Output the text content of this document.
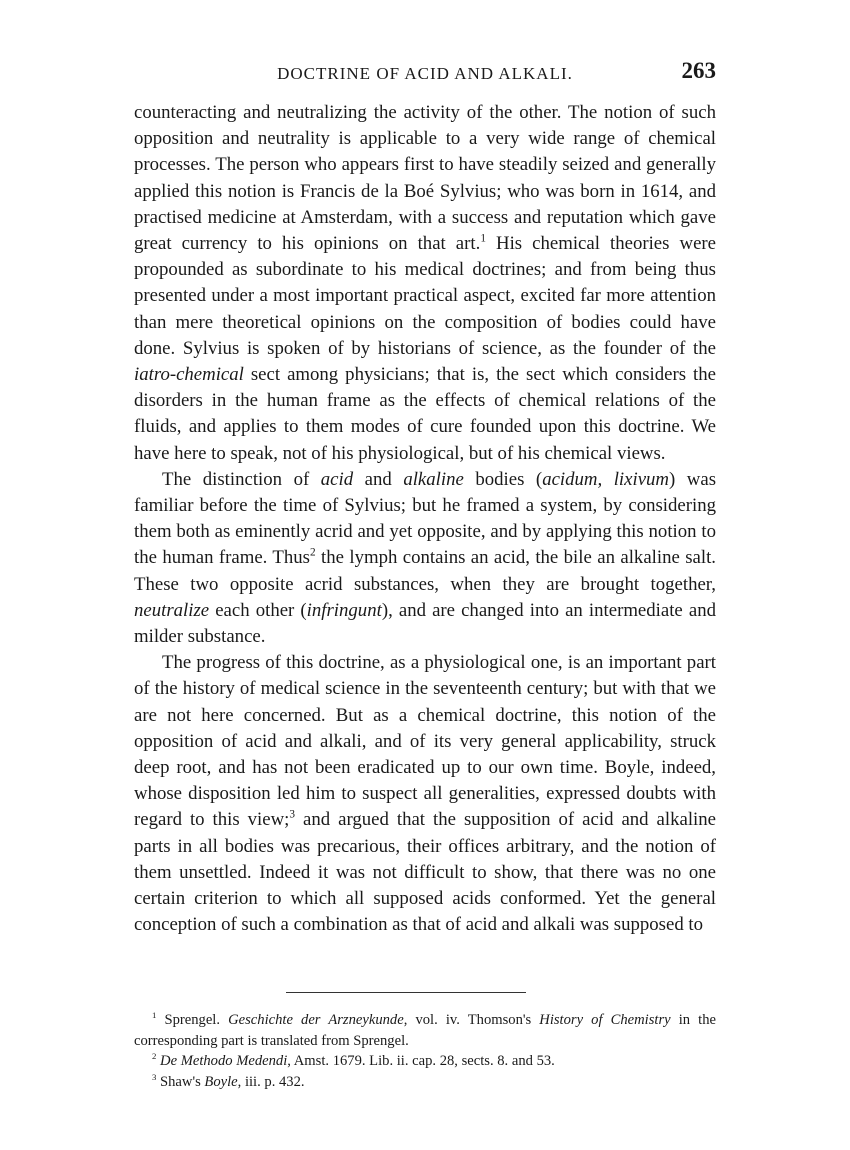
DOCTRINE OF ACID AND ALKALI.	263

counteracting and neutralizing the activity of the other. The notion of such opposition and neutrality is applicable to a very wide range of chemical processes. The person who appears first to have steadily seized and generally applied this notion is Francis de la Boé Sylvius; who was born in 1614, and practised medicine at Amsterdam, with a success and reputation which gave great currency to his opinions on that art.$^1$ His chemical theories were propounded as subordinate to his medical doctrines; and from being thus presented under a most important practical aspect, excited far more attention than mere theoretical opinions on the composition of bodies could have done. Sylvius is spoken of by historians of science, as the founder of the iatro-chemical sect among physicians; that is, the sect which considers the disorders in the human frame as the effects of chemical relations of the fluids, and applies to them modes of cure founded upon this doctrine. We have here to speak, not of his physiological, but of his chemical views.

The distinction of acid and alkaline bodies (acidum, lixivum) was familiar before the time of Sylvius; but he framed a system, by considering them both as eminently acrid and yet opposite, and by applying this notion to the human frame. Thus$^2$ the lymph contains an acid, the bile an alkaline salt. These two opposite acrid substances, when they are brought together, neutralize each other (infringunt), and are changed into an intermediate and milder substance.

The progress of this doctrine, as a physiological one, is an important part of the history of medical science in the seventeenth century; but with that we are not here concerned. But as a chemical doctrine, this notion of the opposition of acid and alkali, and of its very general applicability, struck deep root, and has not been eradicated up to our own time. Boyle, indeed, whose disposition led him to suspect all generalities, expressed doubts with regard to this view;$^3$ and argued that the supposition of acid and alkaline parts in all bodies was precarious, their offices arbitrary, and the notion of them unsettled. Indeed it was not difficult to show, that there was no one certain criterion to which all supposed acids conformed. Yet the general conception of such a combination as that of acid and alkali was supposed to

$^1$ Sprengel. Geschichte der Arzneykunde, vol. iv. Thomson's History of Chemistry in the corresponding part is translated from Sprengel.

$^2$ De Methodo Medendi, Amst. 1679. Lib. ii. cap. 28, sects. 8. and 53.

$^3$ Shaw's Boyle, iii. p. 432.
